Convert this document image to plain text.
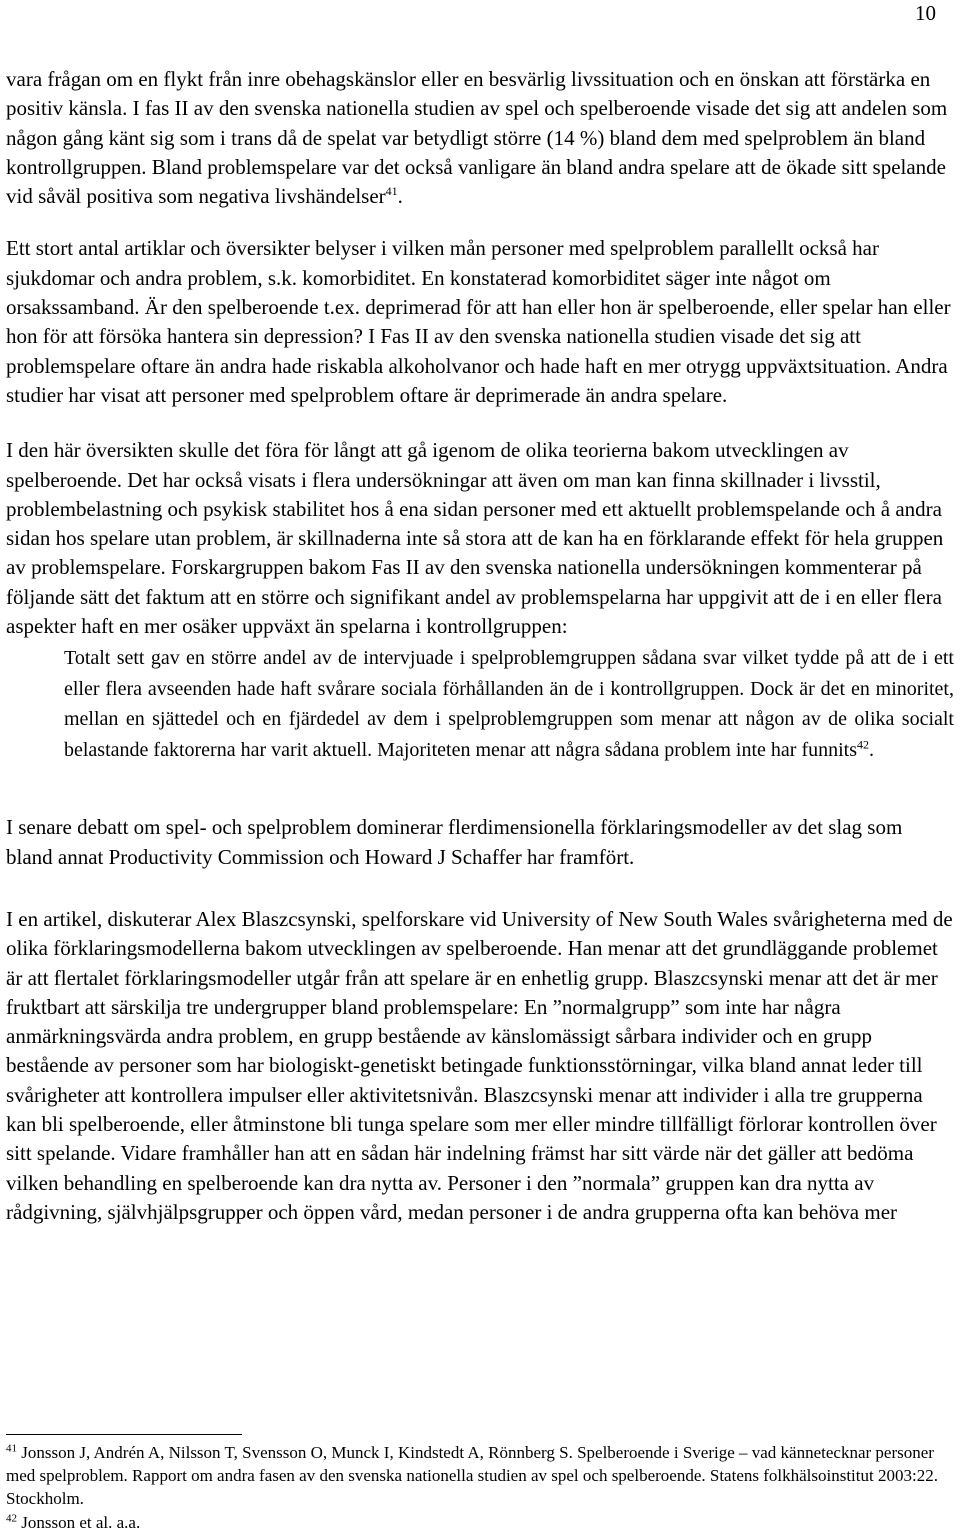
10

vara frågan om en flykt från inre obehagskänslor eller en besvärlig livssituation och en önskan att förstärka en positiv känsla. I fas II av den svenska nationella studien av spel och spelberoende visade det sig att andelen som någon gång känt sig som i trans då de spelat var betydligt större (14 %) bland dem med spelproblem än bland kontrollgruppen. Bland problemspelare var det också vanligare än bland andra spelare att de ökade sitt spelande vid såväl positiva som negativa livshändelser$^{41}$.

Ett stort antal artiklar och översikter belyser i vilken mån personer med spelproblem parallellt också har sjukdomar och andra problem, s.k. komorbiditet. En konstaterad komorbiditet säger inte något om orsakssamband. Är den spelberoende t.ex. deprimerad för att han eller hon är spelberoende, eller spelar han eller hon för att försöka hantera sin depression? I Fas II av den svenska nationella studien visade det sig att problemspelare oftare än andra hade riskabla alkoholvanor och hade haft en mer otrygg uppväxtsituation. Andra studier har visat att personer med spelproblem oftare är deprimerade än andra spelare.

I den här översikten skulle det föra för långt att gå igenom de olika teorierna bakom utvecklingen av spelberoende. Det har också visats i flera undersökningar att även om man kan finna skillnader i livsstil, problembelastning och psykisk stabilitet hos å ena sidan personer med ett aktuellt problemspelande och å andra sidan hos spelare utan problem, är skillnaderna inte så stora att de kan ha en förklarande effekt för hela gruppen av problemspelare. Forskargruppen bakom Fas II av den svenska nationella undersökningen kommenterar på följande sätt det faktum att en större och signifikant andel av problemspelarna har uppgivit att de i en eller flera aspekter haft en mer osäker uppväxt än spelarna i kontrollgruppen:

Totalt sett gav en större andel av de intervjuade i spelproblemgruppen sådana svar vilket tydde på att de i ett eller flera avseenden hade haft svårare sociala förhållanden än de i kontrollgruppen. Dock är det en minoritet, mellan en sjättedel och en fjärdedel av dem i spelproblemgruppen som menar att någon av de olika socialt belastande faktorerna har varit aktuell. Majoriteten menar att några sådana problem inte har funnits$^{42}$.

I senare debatt om spel- och spelproblem dominerar flerdimensionella förklaringsmodeller av det slag som bland annat Productivity Commission och Howard J Schaffer har framfört.

I en artikel, diskuterar Alex Blaszcsynski, spelforskare vid University of New South Wales svårigheterna med de olika förklaringsmodellerna bakom utvecklingen av spelberoende. Han menar att det grundläggande problemet är att flertalet förklaringsmodeller utgår från att spelare är en enhetlig grupp. Blaszcsynski menar att det är mer fruktbart att särskilja tre undergrupper bland problemspelare: En ”normalgrupp” som inte har några anmärkningsvärda andra problem, en grupp bestående av känslomässigt sårbara individer och en grupp bestående av personer som har biologiskt-genetiskt betingade funktionsstörningar, vilka bland annat leder till svårigheter att kontrollera impulser eller aktivitetsnivån. Blaszcsynski menar att individer i alla tre grupperna kan bli spelberoende, eller åtminstone bli tunga spelare som mer eller mindre tillfälligt förlorar kontrollen över sitt spelande. Vidare framhåller han att en sådan här indelning främst har sitt värde när det gäller att bedöma vilken behandling en spelberoende kan dra nytta av. Personer i den ”normala” gruppen kan dra nytta av rådgivning, självhjälpsgrupper och öppen vård, medan personer i de andra grupperna ofta kan behöva mer

$^{41}$ Jonsson J, Andrén A, Nilsson T, Svensson O, Munck I, Kindstedt A, Rönnberg S. Spelberoende i Sverige – vad kännetecknar personer med spelproblem. Rapport om andra fasen av den svenska nationella studien av spel och spelberoende. Statens folkhälsoinstitut 2003:22. Stockholm.

$^{42}$ Jonsson et al. a.a.
